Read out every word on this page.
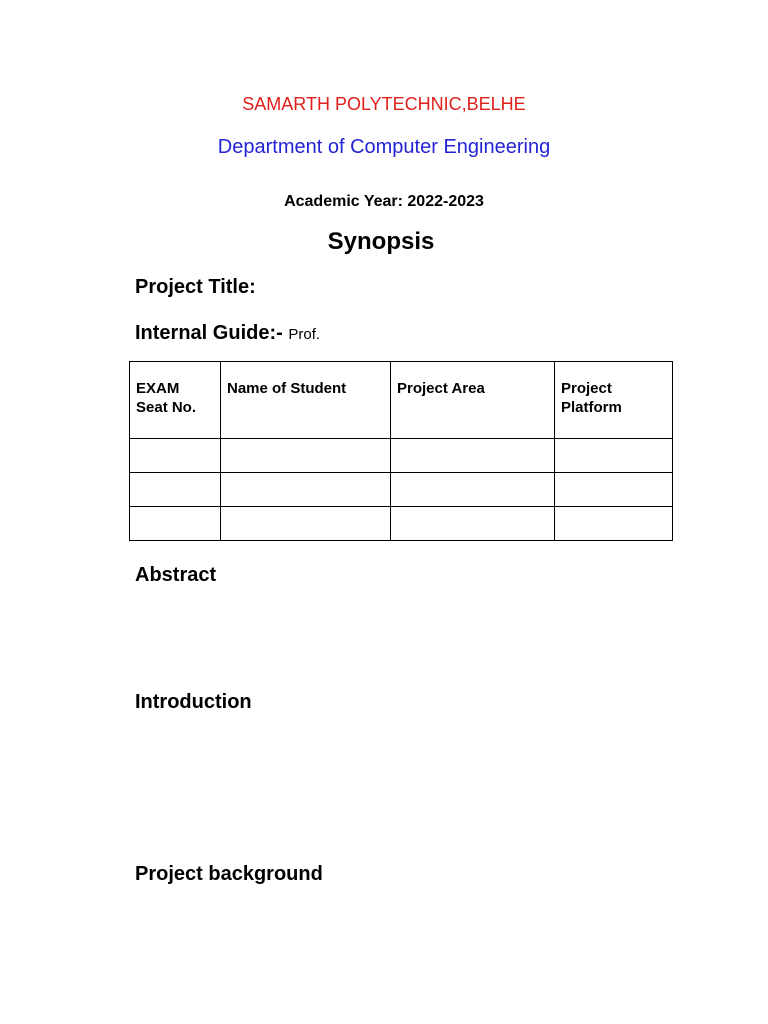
SAMARTH POLYTECHNIC,BELHE
Department of Computer Engineering
Academic Year: 2022-2023
Synopsis
Project Title:
Internal Guide:- Prof.
EXAM Seat No.	Name of Student	Project Area	Project Platform

Abstract
Introduction
Project background
